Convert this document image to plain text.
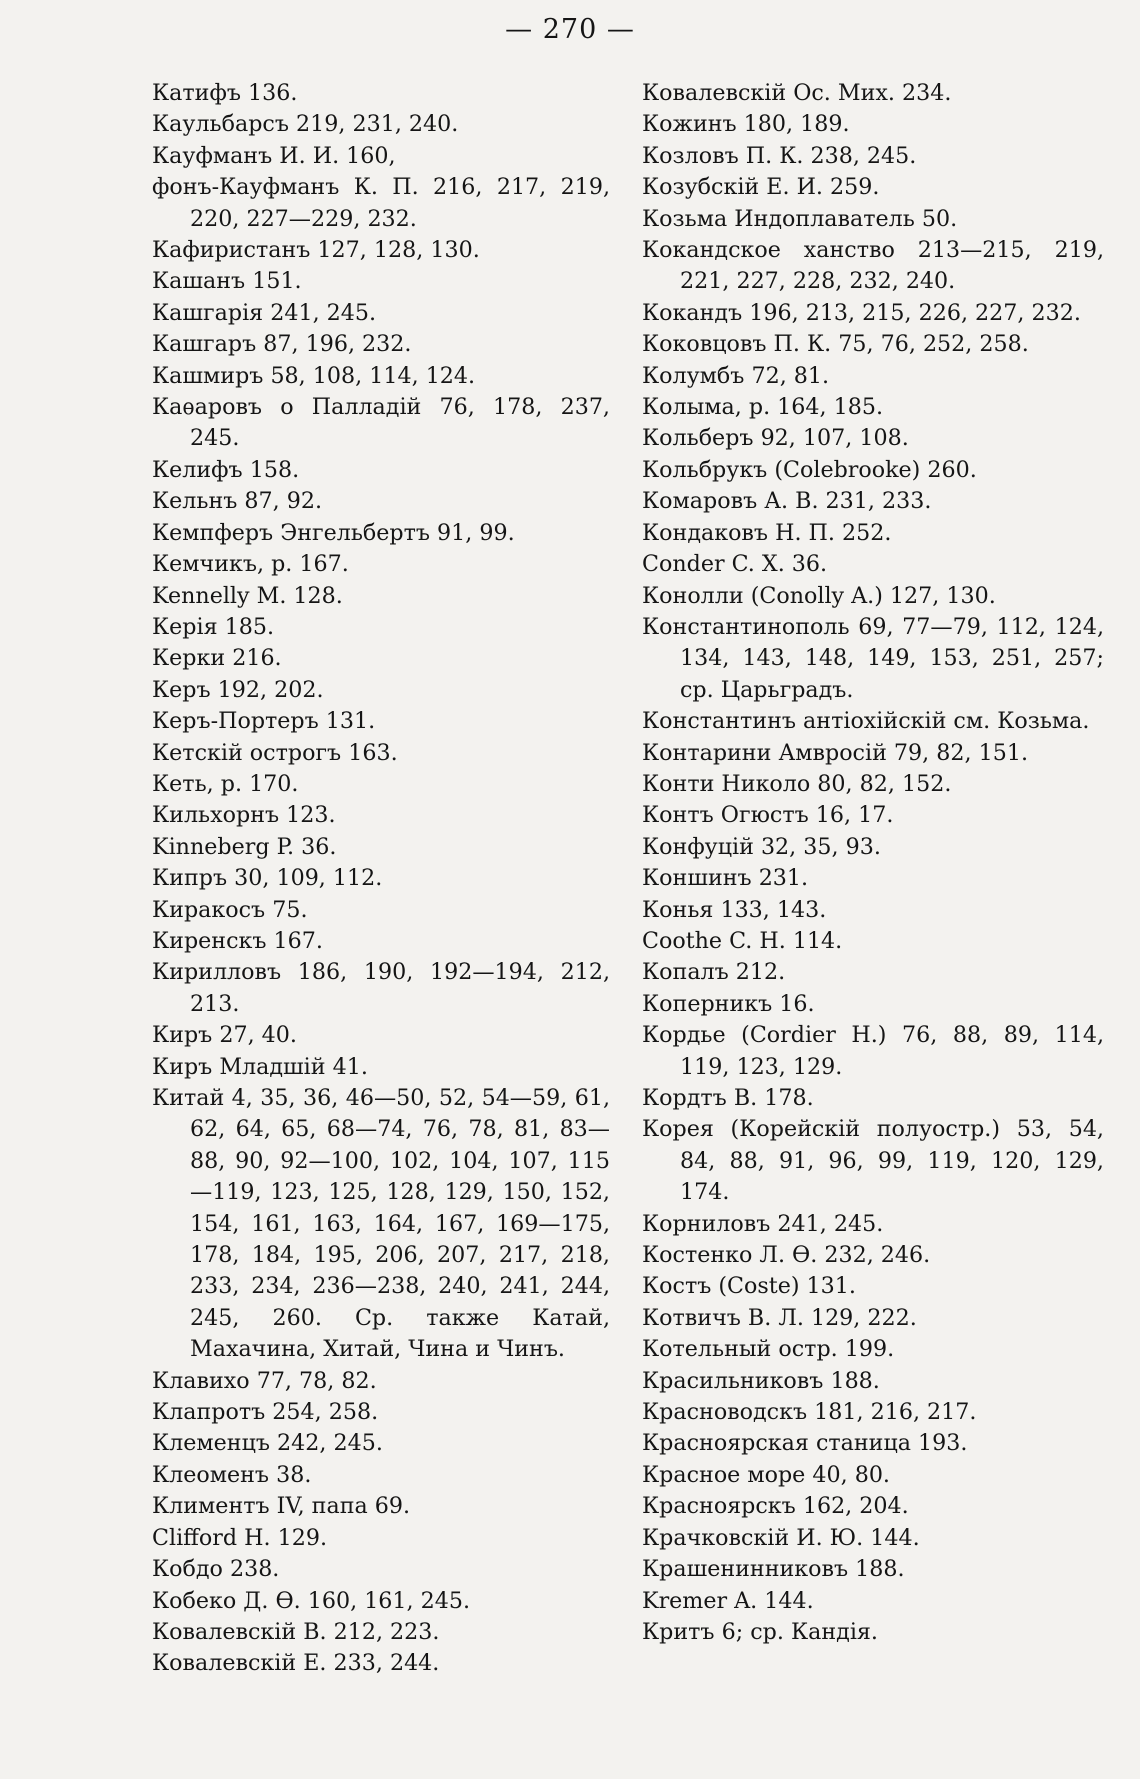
— 270 —
Катифъ 136.
Каульбарсъ 219, 231, 240.
Кауфманъ И. И. 160,
фонъ-Кауфманъ К. П. 216, 217, 219, 220, 227—229, 232.
Кафиристанъ 127, 128, 130.
Кашанъ 151.
Кашгарія 241, 245.
Кашгаръ 87, 196, 232.
Кашмиръ 58, 108, 114, 124.
Каѳаровъ о Палладій 76, 178, 237, 245.
Келифъ 158.
Кельнъ 87, 92.
Кемпферъ Энгельбертъ 91, 99.
Кемчикъ, р. 167.
Kennelly M. 128.
Керія 185.
Керки 216.
Керъ 192, 202.
Керъ-Портеръ 131.
Кетскій острогъ 163.
Кеть, р. 170.
Кильхорнъ 123.
Kinneberg P. 36.
Кипръ 30, 109, 112.
Киракосъ 75.
Киренскъ 167.
Кирилловъ 186, 190, 192—194, 212, 213.
Киръ 27, 40.
Киръ Младшій 41.
Китай 4, 35, 36, 46—50, 52, 54—59, 61, 62, 64, 65, 68—74, 76, 78, 81, 83—88, 90, 92—100, 102, 104, 107, 115—119, 123, 125, 128, 129, 150, 152, 154, 161, 163, 164, 167, 169—175, 178, 184, 195, 206, 207, 217, 218, 233, 234, 236—238, 240, 241, 244, 245, 260. Ср. также Катай, Махачина, Хитай, Чина и Чинъ.
Клавихо 77, 78, 82.
Клапротъ 254, 258.
Клеменцъ 242, 245.
Клеоменъ 38.
Климентъ IV, папа 69.
Clifford H. 129.
Кобдо 238.
Кобеко Д. Ѳ. 160, 161, 245.
Ковалевскій В. 212, 223.
Ковалевскій Е. 233, 244.
Ковалевскій Ос. Мих. 234.
Кожинъ 180, 189.
Козловъ П. К. 238, 245.
Козубскій Е. И. 259.
Козьма Индоплаватель 50.
Кокандское ханство 213—215, 219, 221, 227, 228, 232, 240.
Кокандъ 196, 213, 215, 226, 227, 232.
Коковцовъ П. К. 75, 76, 252, 258.
Колумбъ 72, 81.
Колыма, р. 164, 185.
Кольберъ 92, 107, 108.
Кольбрукъ (Colebrooke) 260.
Комаровъ А. В. 231, 233.
Кондаковъ Н. П. 252.
Conder C. X. 36.
Конолли (Conolly A.) 127, 130.
Константинополь 69, 77—79, 112, 124, 134, 143, 148, 149, 153, 251, 257; ср. Царьградъ.
Константинъ антіохійскій см. Козьма.
Контарини Амвросій 79, 82, 151.
Конти Николо 80, 82, 152.
Контъ Огюстъ 16, 17.
Конфуцій 32, 35, 93.
Коншинъ 231.
Конья 133, 143.
Coothe C. H. 114.
Копалъ 212.
Коперникъ 16.
Кордье (Cordier H.) 76, 88, 89, 114, 119, 123, 129.
Кордтъ В. 178.
Корея (Корейскій полуостр.) 53, 54, 84, 88, 91, 96, 99, 119, 120, 129, 174.
Корниловъ 241, 245.
Костенко Л. Ѳ. 232, 246.
Костъ (Coste) 131.
Котвичъ В. Л. 129, 222.
Котельный остр. 199.
Красильниковъ 188.
Красноводскъ 181, 216, 217.
Красноярская станица 193.
Красное море 40, 80.
Красноярскъ 162, 204.
Крачковскій И. Ю. 144.
Крашенинниковъ 188.
Kremer A. 144.
Критъ 6; ср. Кандія.
